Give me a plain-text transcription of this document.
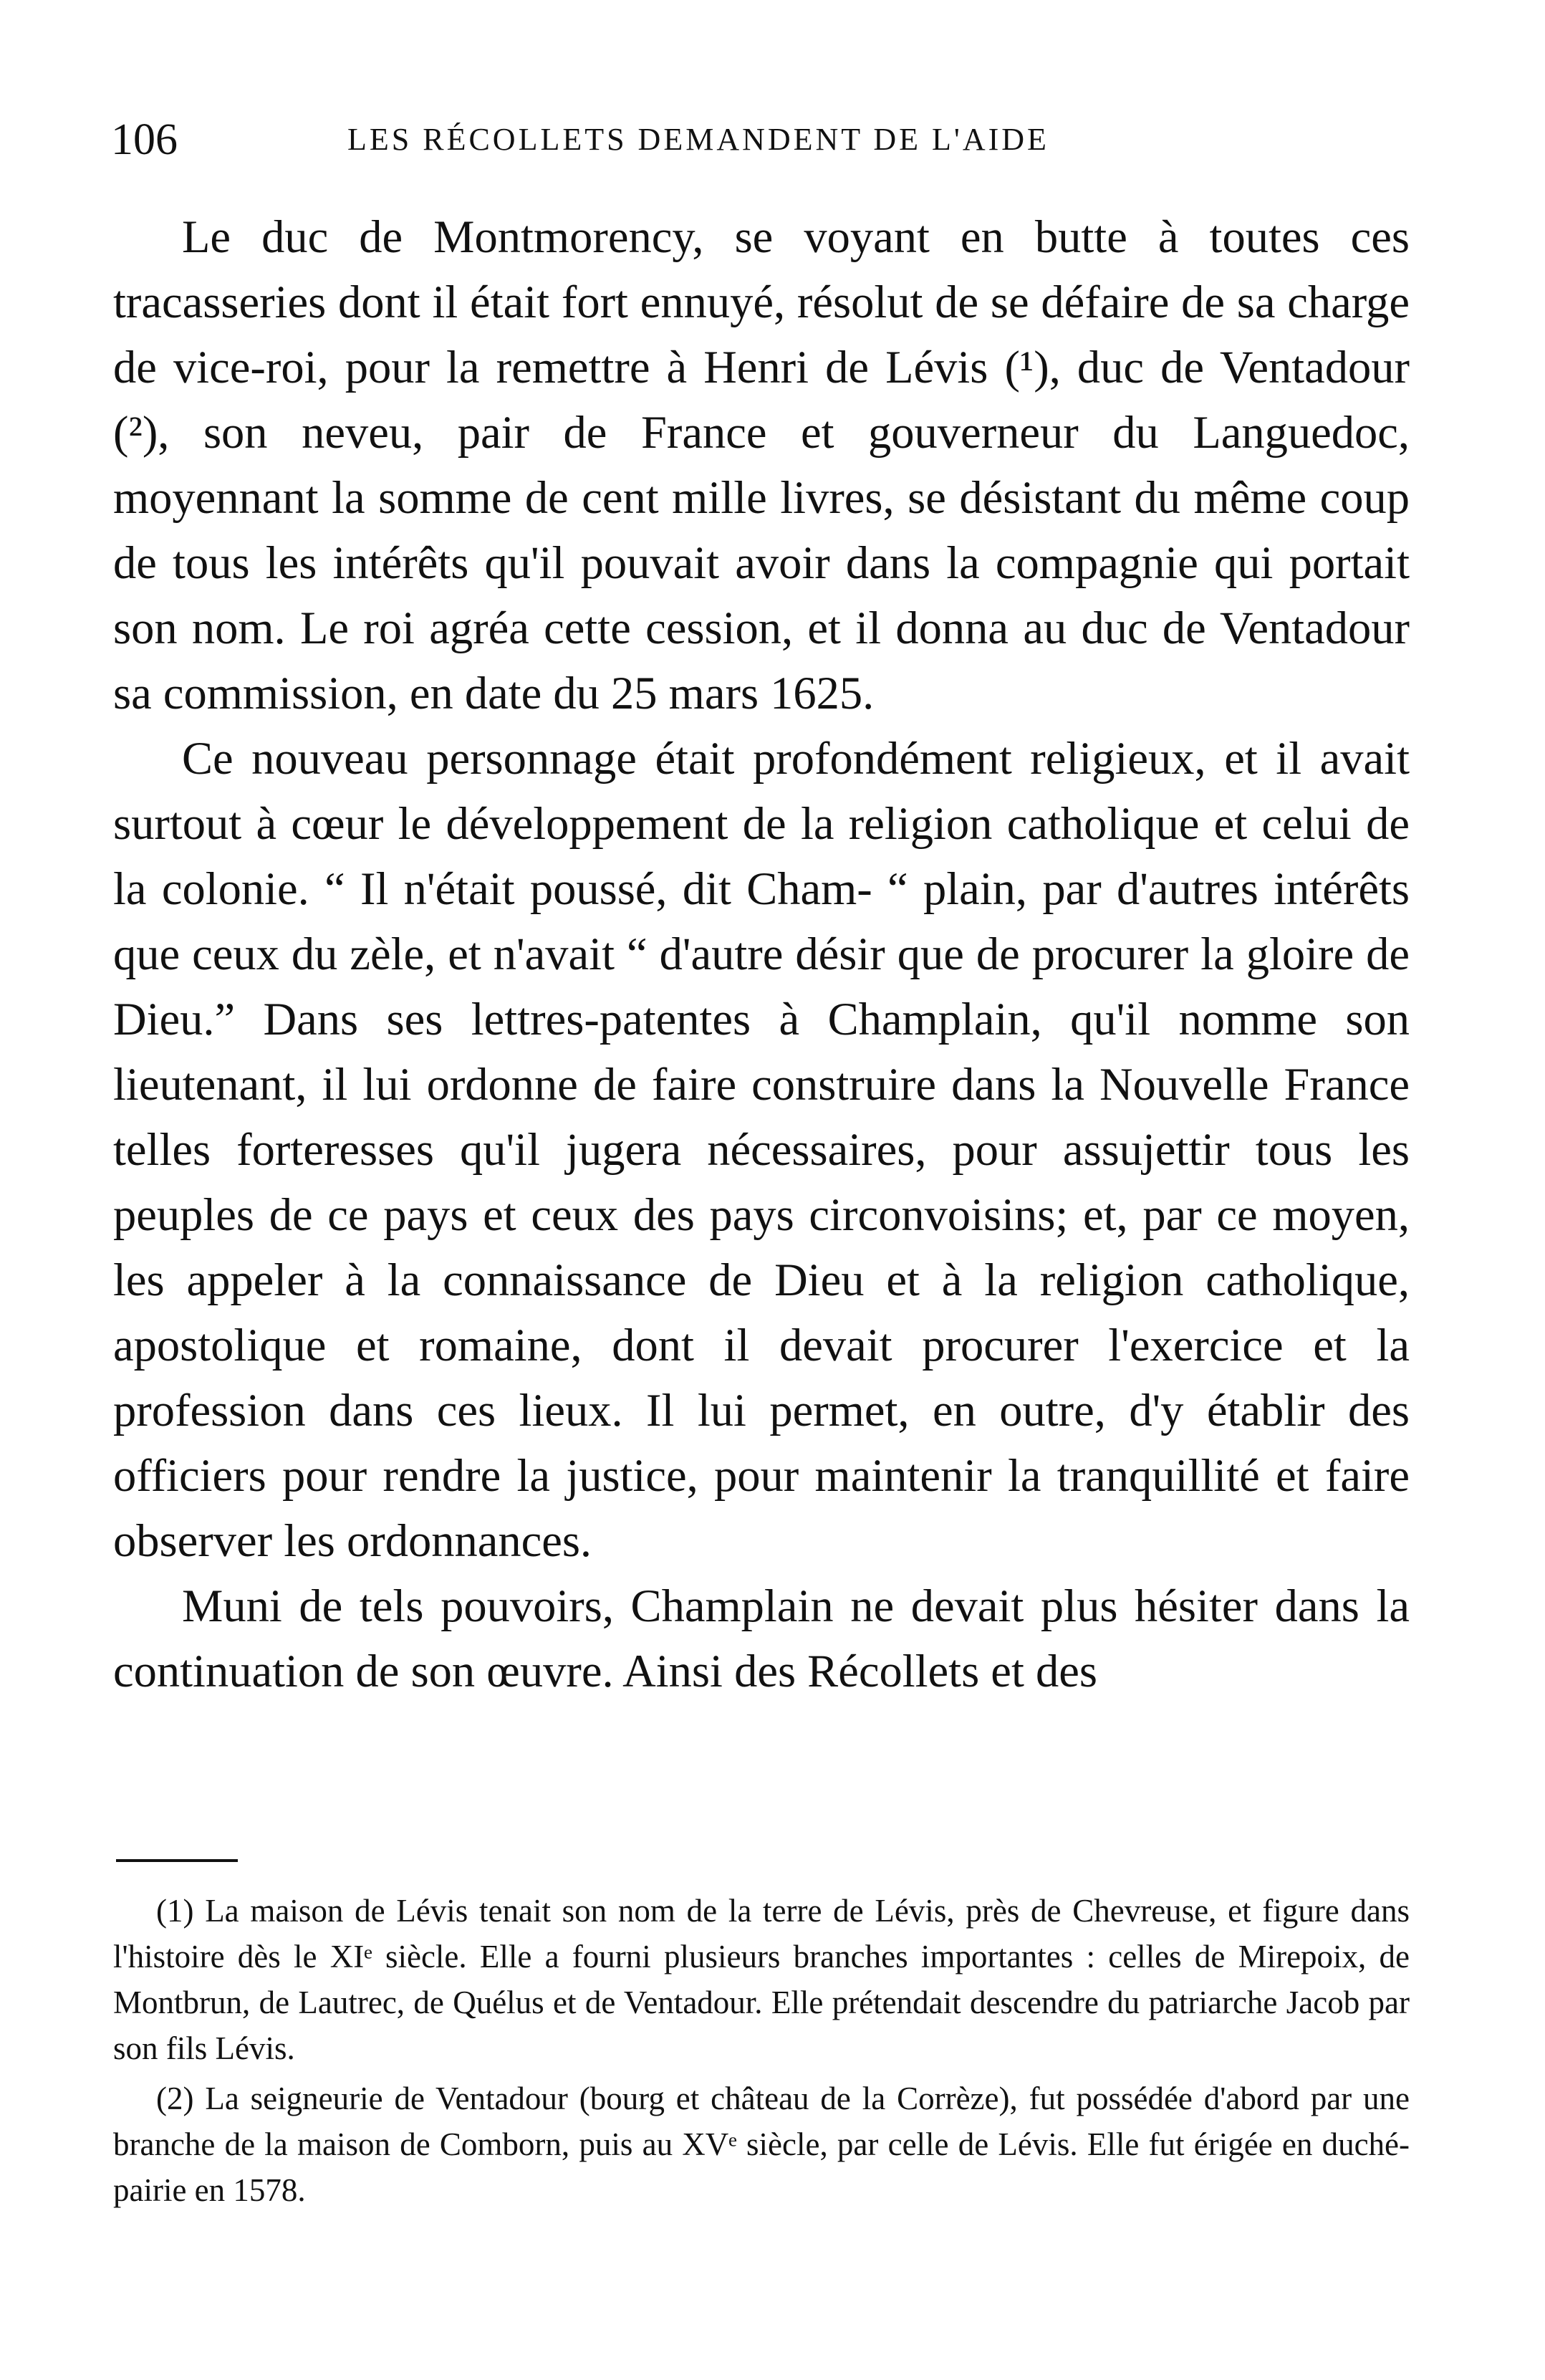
106	LES RÉCOLLETS DEMANDENT DE L'AIDE

Le duc de Montmorency, se voyant en butte à toutes ces tracasseries dont il était fort ennuyé, résolut de se défaire de sa charge de vice-roi, pour la remettre à Henri de Lévis (¹), duc de Ventadour (²), son neveu, pair de France et gouverneur du Languedoc, moyennant la somme de cent mille livres, se désistant du même coup de tous les intérêts qu'il pouvait avoir dans la compagnie qui portait son nom. Le roi agréa cette cession, et il donna au duc de Ventadour sa commission, en date du 25 mars 1625.

Ce nouveau personnage était profondément religieux, et il avait surtout à cœur le développement de la religion catholique et celui de la colonie. “ Il n'était poussé, dit Cham- “ plain, par d'autres intérêts que ceux du zèle, et n'avait “ d'autre désir que de procurer la gloire de Dieu.” Dans ses lettres-patentes à Champlain, qu'il nomme son lieutenant, il lui ordonne de faire construire dans la Nouvelle France telles forteresses qu'il jugera nécessaires, pour assujettir tous les peuples de ce pays et ceux des pays circonvoisins; et, par ce moyen, les appeler à la connaissance de Dieu et à la religion catholique, apostolique et romaine, dont il devait procurer l'exercice et la profession dans ces lieux. Il lui permet, en outre, d'y établir des officiers pour rendre la justice, pour maintenir la tranquillité et faire observer les ordonnances.

Muni de tels pouvoirs, Champlain ne devait plus hésiter dans la continuation de son œuvre. Ainsi des Récollets et des

(1) La maison de Lévis tenait son nom de la terre de Lévis, près de Chevreuse, et figure dans l'histoire dès le XIᵉ siècle. Elle a fourni plusieurs branches importantes : celles de Mirepoix, de Montbrun, de Lautrec, de Quélus et de Ventadour. Elle prétendait descendre du patriarche Jacob par son fils Lévis.

(2) La seigneurie de Ventadour (bourg et château de la Corrèze), fut possédée d'abord par une branche de la maison de Comborn, puis au XVᵉ siècle, par celle de Lévis. Elle fut érigée en duché-pairie en 1578.
